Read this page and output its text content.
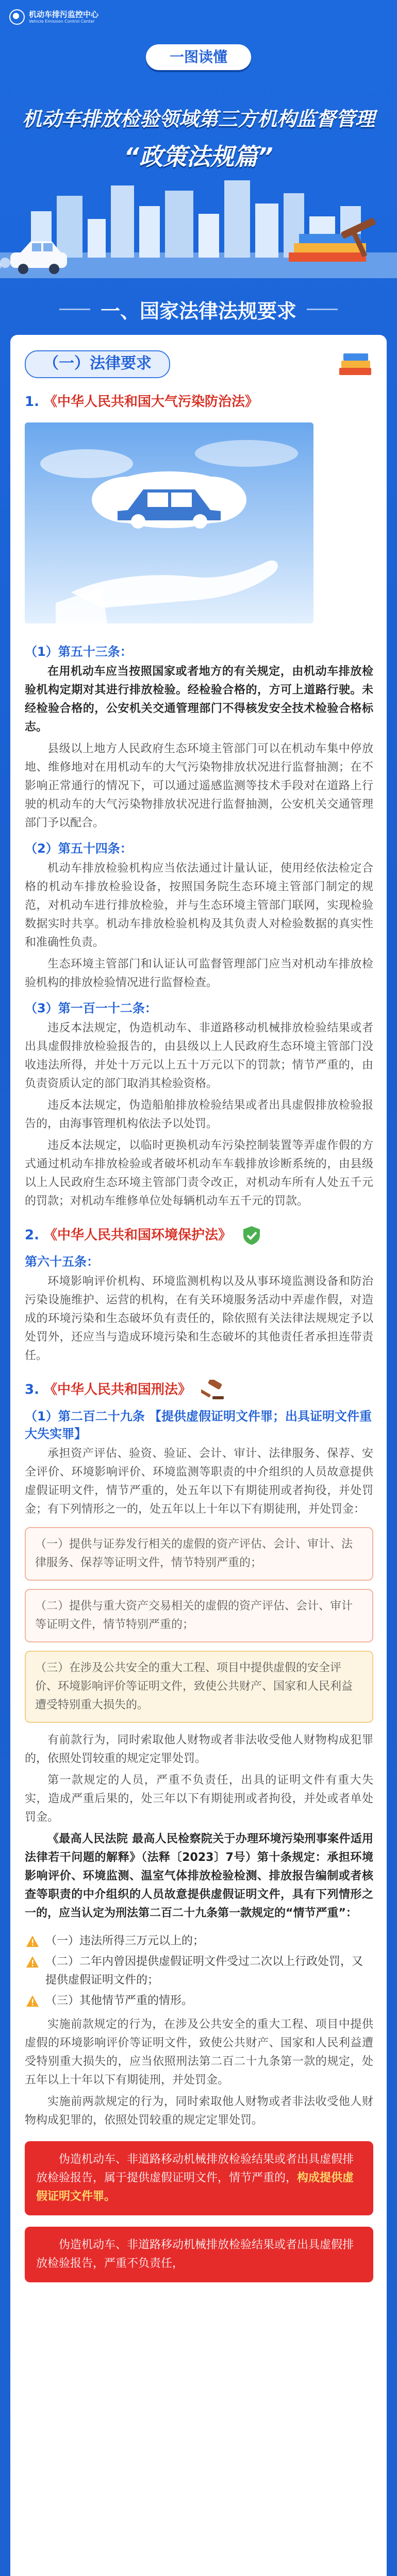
机动车排污监控中心
Vehicle Emission Control Center
一图读懂
机动车排放检验领域第三方机构监督管理
“政策法规篇”
一、国家法律法规要求
（一）法律要求
1. 《中华人民共和国大气污染防治法》
（1）第五十三条：

在用机动车应当按照国家或者地方的有关规定，由机动车排放检验机构定期对其进行排放检验。经检验合格的，方可上道路行驶。未经检验合格的，公安机关交通管理部门不得核发安全技术检验合格标志。

县级以上地方人民政府生态环境主管部门可以在机动车集中停放地、维修地对在用机动车的大气污染物排放状况进行监督抽测；在不影响正常通行的情况下，可以通过遥感监测等技术手段对在道路上行驶的机动车的大气污染物排放状况进行监督抽测，公安机关交通管理部门予以配合。

（2）第五十四条：

机动车排放检验机构应当依法通过计量认证，使用经依法检定合格的机动车排放检验设备，按照国务院生态环境主管部门制定的规范，对机动车进行排放检验，并与生态环境主管部门联网，实现检验数据实时共享。机动车排放检验机构及其负责人对检验数据的真实性和准确性负责。

生态环境主管部门和认证认可监督管理部门应当对机动车排放检验机构的排放检验情况进行监督检查。

（3）第一百一十二条：

违反本法规定，伪造机动车、非道路移动机械排放检验结果或者出具虚假排放检验报告的，由县级以上人民政府生态环境主管部门没收违法所得，并处十万元以上五十万元以下的罚款；情节严重的，由负责资质认定的部门取消其检验资格。

违反本法规定，伪造船舶排放检验结果或者出具虚假排放检验报告的，由海事管理机构依法予以处罚。

违反本法规定，以临时更换机动车污染控制装置等弄虚作假的方式通过机动车排放检验或者破坏机动车车载排放诊断系统的，由县级以上人民政府生态环境主管部门责令改正，对机动车所有人处五千元的罚款；对机动车维修单位处每辆机动车五千元的罚款。

2. 《中华人民共和国环境保护法》
第六十五条：

环境影响评价机构、环境监测机构以及从事环境监测设备和防治污染设施维护、运营的机构，在有关环境服务活动中弄虚作假，对造成的环境污染和生态破坏负有责任的，除依照有关法律法规规定予以处罚外，还应当与造成环境污染和生态破坏的其他责任者承担连带责任。

3. 《中华人民共和国刑法》
（1）第二百二十九条 【提供虚假证明文件罪；出具证明文件重大失实罪】

承担资产评估、验资、验证、会计、审计、法律服务、保荐、安全评价、环境影响评价、环境监测等职责的中介组织的人员故意提供虚假证明文件，情节严重的，处五年以下有期徒刑或者拘役，并处罚金；有下列情形之一的，处五年以上十年以下有期徒刑，并处罚金：

（一）提供与证券发行相关的虚假的资产评估、会计、审计、法律服务、保荐等证明文件，情节特别严重的；
（二）提供与重大资产交易相关的虚假的资产评估、会计、审计等证明文件，情节特别严重的；
（三）在涉及公共安全的重大工程、项目中提供虚假的安全评价、环境影响评价等证明文件，致使公共财产、国家和人民利益遭受特别重大损失的。

有前款行为，同时索取他人财物或者非法收受他人财物构成犯罪的，依照处罚较重的规定定罪处罚。

第一款规定的人员，严重不负责任，出具的证明文件有重大失实，造成严重后果的，处三年以下有期徒刑或者拘役，并处或者单处罚金。

《最高人民法院 最高人民检察院关于办理环境污染刑事案件适用法律若干问题的解释》（法释〔2023〕7号）第十条规定：承担环境影响评价、环境监测、温室气体排放检验检测、排放报告编制或者核查等职责的中介组织的人员故意提供虚假证明文件，具有下列情形之一的，应当认定为刑法第二百二十九条第一款规定的“情节严重”：

（一）违法所得三万元以上的；
（二）二年内曾因提供虚假证明文件受过二次以上行政处罚，又提供虚假证明文件的；
（三）其他情节严重的情形。

实施前款规定的行为，在涉及公共安全的重大工程、项目中提供虚假的环境影响评价等证明文件，致使公共财产、国家和人民利益遭受特别重大损失的，应当依照刑法第二百二十九条第一款的规定，处五年以上十年以下有期徒刑，并处罚金。

实施前两款规定的行为，同时索取他人财物或者非法收受他人财物构成犯罪的，依照处罚较重的规定定罪处罚。

伪造机动车、非道路移动机械排放检验结果或者出具虚假排放检验报告，属于提供虚假证明文件，情节严重的，构成提供虚假证明文件罪。
伪造机动车、非道路移动机械排放检验结果或者出具虚假排放检验报告，严重不负责任，
